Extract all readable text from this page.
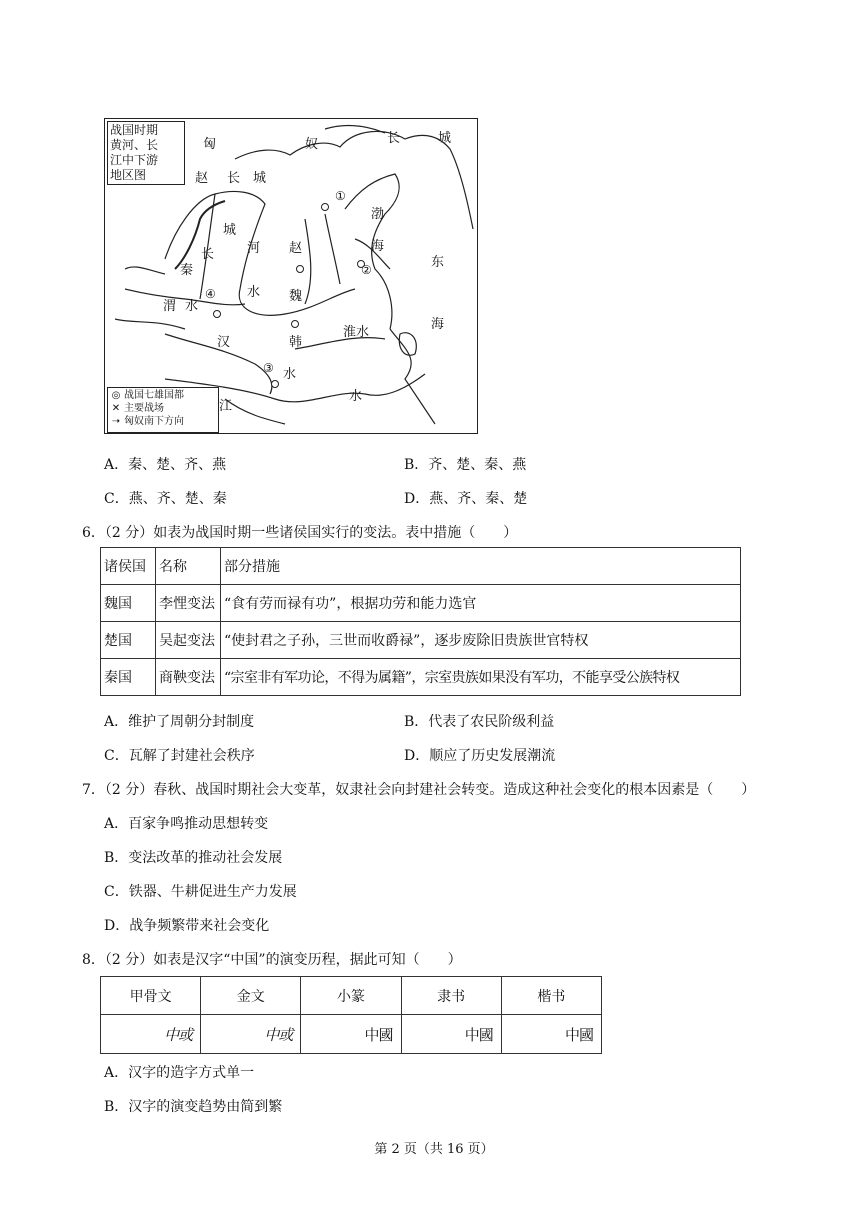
战国时期
黄河、长
江中下游
地区图
匈	奴	长	城
赵 长 城
城
长
秦
河 赵
水 魏
韩
渭 水
渤
海
东
海
淮水
汉
水
江
水
①
②
③
④
◎ 战国七雄国都
✕ 主要战场
➝ 匈奴南下方向
A．秦、楚、齐、燕	B．齐、楚、秦、燕
C．燕、齐、楚、秦	D．燕、齐、秦、楚
6．（2 分）如表为战国时期一些诸侯国实行的变法。表中措施（　　）
诸侯国	名称	部分措施
魏国	李悝变法	“食有劳而禄有功”，根据功劳和能力选官
楚国	吴起变法	“使封君之子孙，三世而收爵禄”，逐步废除旧贵族世官特权
秦国	商鞅变法	“宗室非有军功论，不得为属籍”，宗室贵族如果没有军功，不能享受公族特权
A．维护了周朝分封制度	B．代表了农民阶级利益
C．瓦解了封建社会秩序	D．顺应了历史发展潮流
7．（2 分）春秋、战国时期社会大变革，奴隶社会向封建社会转变。造成这种社会变化的根本因素是（　　）
A．百家争鸣推动思想转变
B．变法改革的推动社会发展
C．铁器、牛耕促进生产力发展
D．战争频繁带来社会变化
8．（2 分）如表是汉字“中国”的演变历程，据此可知（　　）
甲骨文	金文	小篆	隶书	楷书
中或	中或	中國	中國	中國
A．汉字的造字方式单一
B．汉字的演变趋势由简到繁
第 2 页（共 16 页）
